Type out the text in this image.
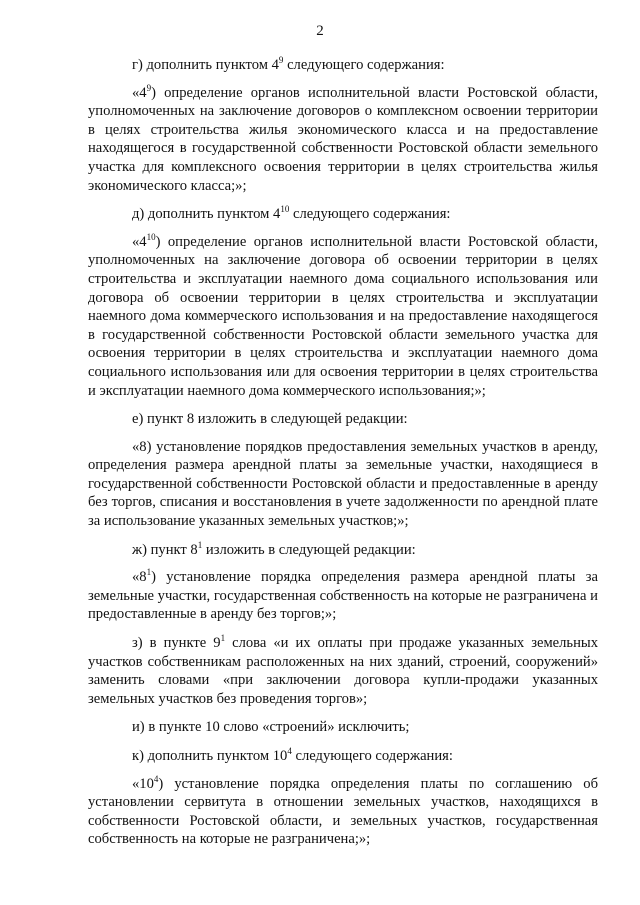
2

г) дополнить пунктом $4^9$ следующего содержания:

«$4^9$) определение органов исполнительной власти Ростовской области, уполномоченных на заключение договоров о комплексном освоении территории в целях строительства жилья экономического класса и на предоставление находящегося в государственной собственности Ростовской области земельного участка для комплексного освоения территории в целях строительства жилья экономического класса;»;

д) дополнить пунктом $4^{10}$ следующего содержания:

«$4^{10}$) определение органов исполнительной власти Ростовской области, уполномоченных на заключение договора об освоении территории в целях строительства и эксплуатации наемного дома социального использования или договора об освоении территории в целях строительства и эксплуатации наемного дома коммерческого использования и на предоставление находящегося в государственной собственности Ростовской области земельного участка для освоения территории в целях строительства и эксплуатации наемного дома социального использования или для освоения территории в целях строительства и эксплуатации наемного дома коммерческого использования;»;

е) пункт 8 изложить в следующей редакции:

«8) установление порядков предоставления земельных участков в аренду, определения размера арендной платы за земельные участки, находящиеся в государственной собственности Ростовской области и предоставленные в аренду без торгов, списания и восстановления в учете задолженности по арендной плате за использование указанных земельных участков;»;

ж) пункт $8^1$ изложить в следующей редакции:

«$8^1$) установление порядка определения размера арендной платы за земельные участки, государственная собственность на которые не разграничена и предоставленные в аренду без торгов;»;

з) в пункте $9^1$ слова «и их оплаты при продаже указанных земельных участков собственникам расположенных на них зданий, строений, сооружений» заменить словами «при заключении договора купли-продажи указанных земельных участков без проведения торгов»;

и) в пункте 10 слово «строений» исключить;

к) дополнить пунктом $10^4$ следующего содержания:

«$10^4$) установление порядка определения платы по соглашению об установлении сервитута в отношении земельных участков, находящихся в собственности Ростовской области, и земельных участков, государственная собственность на которые не разграничена;»;
